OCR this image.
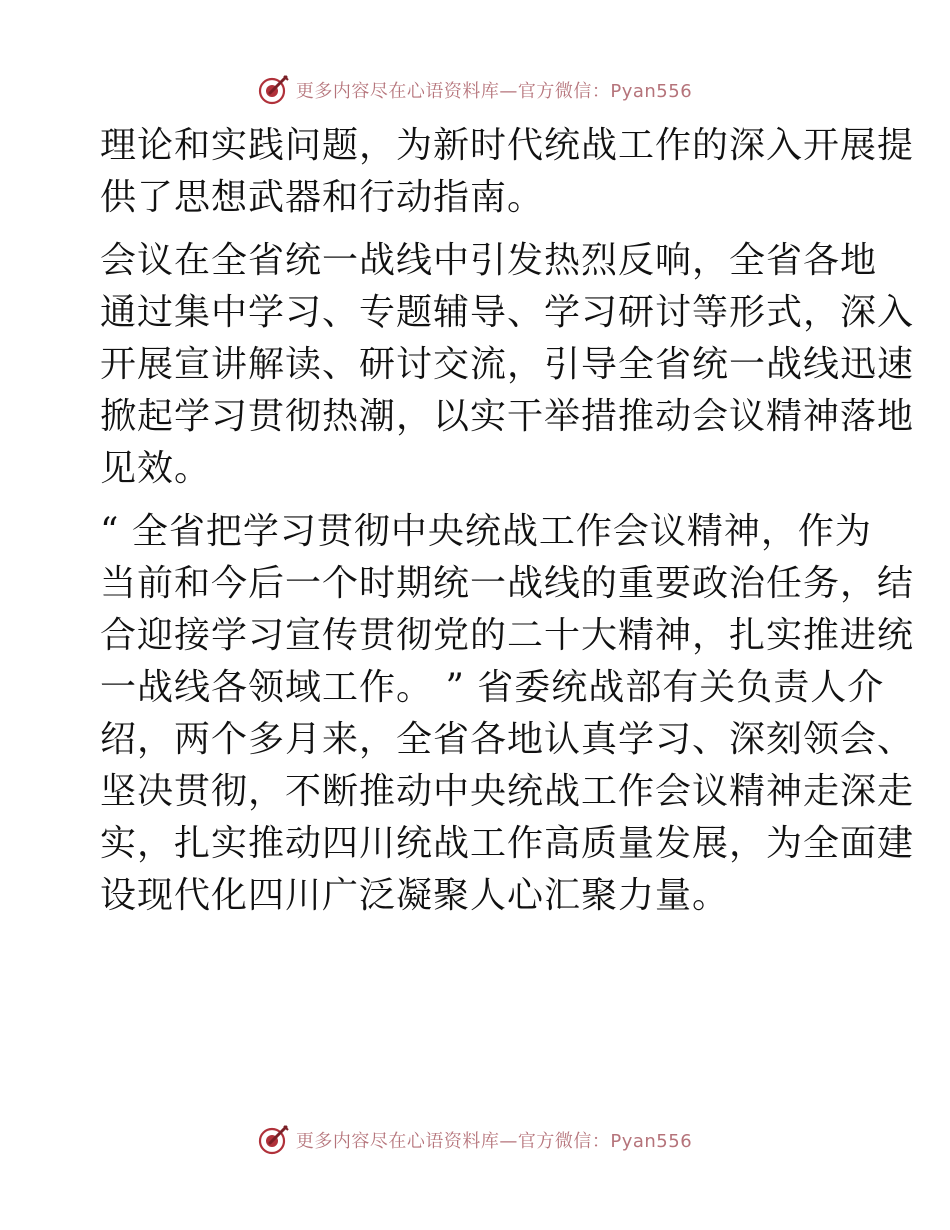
更多内容尽在心语资料库—官方微信：Pyan556

理论和实践问题，为新时代统战工作的深入开展提
供了思想武器和行动指南。

会议在全省统一战线中引发热烈反响，全省各地
通过集中学习、专题辅导、学习研讨等形式，深入
开展宣讲解读、研讨交流，引导全省统一战线迅速
掀起学习贯彻热潮，以实干举措推动会议精神落地
见效。

“ 全省把学习贯彻中央统战工作会议精神，作为
当前和今后一个时期统一战线的重要政治任务，结
合迎接学习宣传贯彻党的二十大精神，扎实推进统
一战线各领域工作。 ” 省委统战部有关负责人介
绍，两个多月来，全省各地认真学习、深刻领会、
坚决贯彻，不断推动中央统战工作会议精神走深走
实，扎实推动四川统战工作高质量发展，为全面建
设现代化四川广泛凝聚人心汇聚力量。

更多内容尽在心语资料库—官方微信：Pyan556
